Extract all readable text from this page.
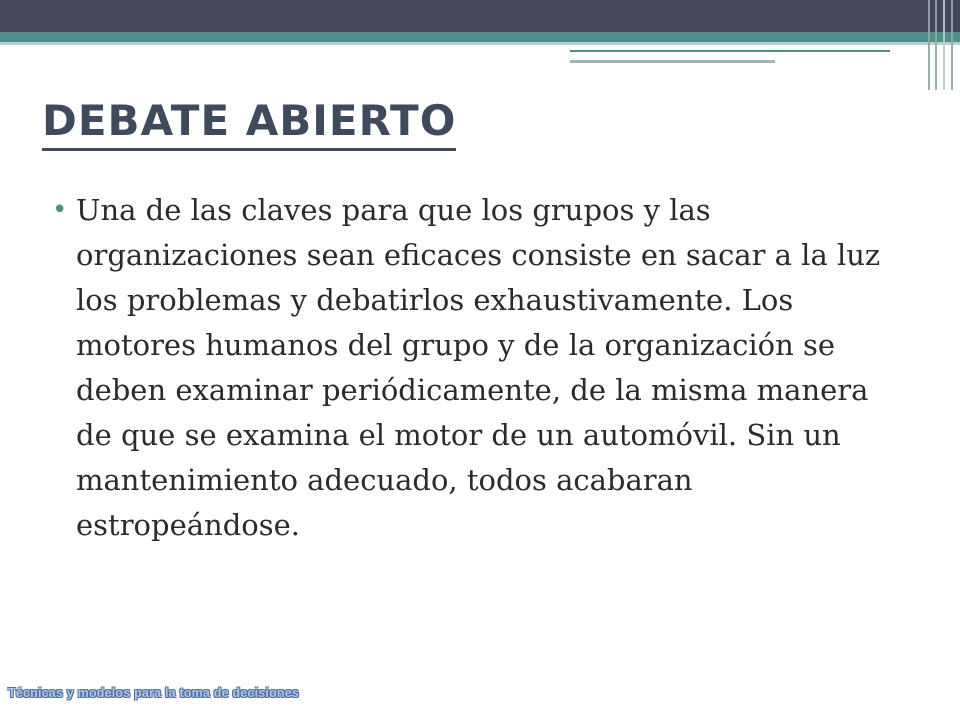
DEBATE ABIERTO
• Una de las claves para que los grupos y las organizaciones sean eficaces consiste en sacar a la luz los problemas y debatirlos exhaustivamente. Los motores humanos del grupo y de la organización se deben examinar periódicamente, de la misma manera de que se examina el motor de un automóvil. Sin un mantenimiento adecuado, todos acabaran estropeándose.
Técnicas y modelos para la toma de decisiones
